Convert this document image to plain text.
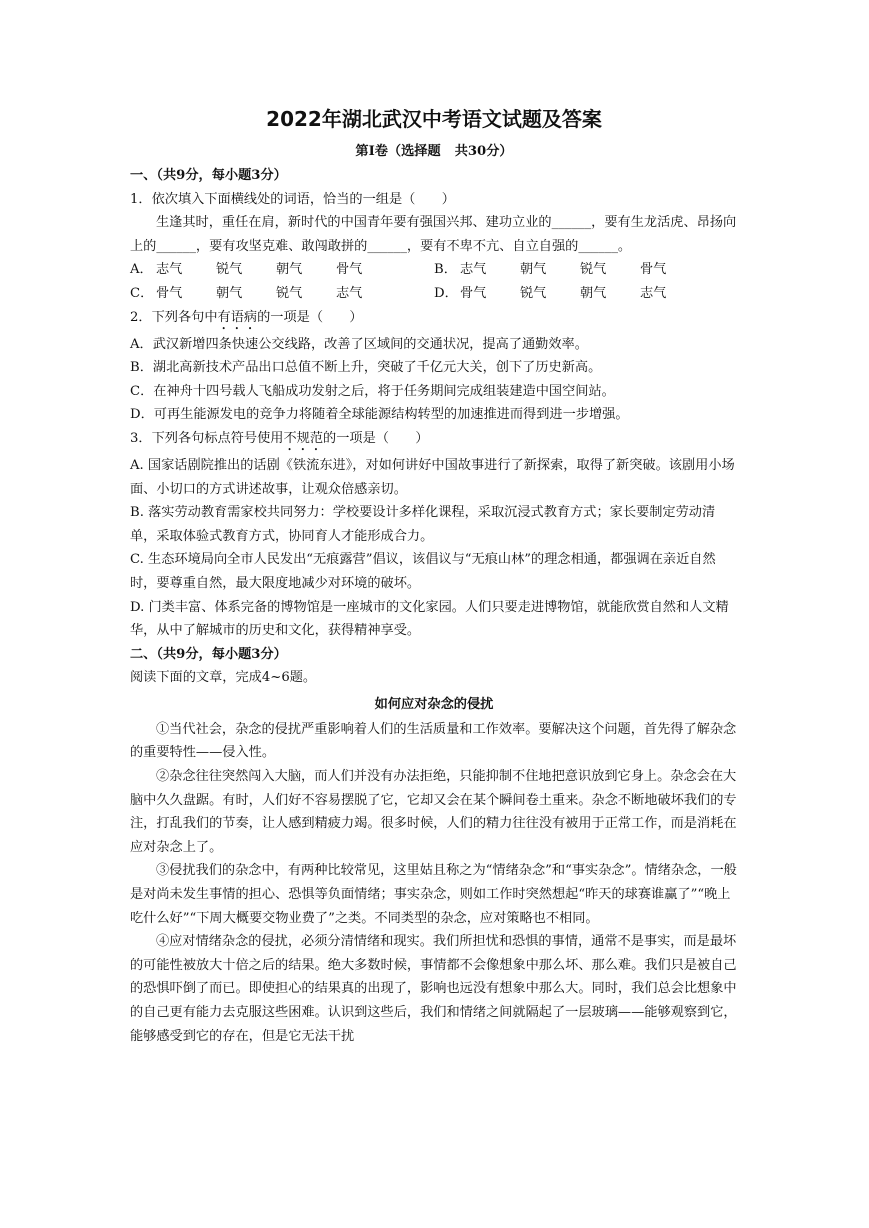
2022年湖北武汉中考语文试题及答案
第Ⅰ卷（选择题 共30分）
一、（共9分，每小题3分）
1．依次填入下面横线处的词语，恰当的一组是（　　）
生逢其时，重任在肩，新时代的中国青年要有强国兴邦、建功立业的______，要有生龙活虎、昂扬向上的______，要有攻坚克难、敢闯敢拼的______，要有不卑不亢、自立自强的______。
A． 志气	锐气	朝气	骨气	B． 志气	朝气	锐气	骨气
C． 骨气	朝气	锐气	志气	D． 骨气	锐气	朝气	志气
2．下列各句中有语病的一项是（　　）
A．武汉新增四条快速公交线路，改善了区域间的交通状况，提高了通勤效率。
B．湖北高新技术产品出口总值不断上升，突破了千亿元大关，创下了历史新高。
C．在神舟十四号载人飞船成功发射之后，将于任务期间完成组装建造中国空间站。
D．可再生能源发电的竞争力将随着全球能源结构转型的加速推进而得到进一步增强。
3．下列各句标点符号使用不规范的一项是（　　）
A. 国家话剧院推出的话剧《铁流东进》，对如何讲好中国故事进行了新探索，取得了新突破。该剧用小场面、小切口的方式讲述故事，让观众倍感亲切。
B. 落实劳动教育需家校共同努力：学校要设计多样化课程，采取沉浸式教育方式；家长要制定劳动清单，采取体验式教育方式，协同育人才能形成合力。
C. 生态环境局向全市人民发出“无痕露营”倡议，该倡议与“无痕山林”的理念相通，都强调在亲近自然时，要尊重自然，最大限度地减少对环境的破坏。
D. 门类丰富、体系完备的博物馆是一座城市的文化家园。人们只要走进博物馆，就能欣赏自然和人文精华，从中了解城市的历史和文化，获得精神享受。
二、（共9分，每小题3分）
阅读下面的文章，完成4~6题。
如何应对杂念的侵扰
①当代社会，杂念的侵扰严重影响着人们的生活质量和工作效率。要解决这个问题，首先得了解杂念的重要特性——侵入性。
②杂念往往突然闯入大脑，而人们并没有办法拒绝，只能抑制不住地把意识放到它身上。杂念会在大脑中久久盘踞。有时，人们好不容易摆脱了它，它却又会在某个瞬间卷土重来。杂念不断地破坏我们的专注，打乱我们的节奏，让人感到精疲力竭。很多时候，人们的精力往往没有被用于正常工作，而是消耗在应对杂念上了。
③侵扰我们的杂念中，有两种比较常见，这里姑且称之为“情绪杂念”和“事实杂念”。情绪杂念，一般是对尚未发生事情的担心、恐惧等负面情绪；事实杂念，则如工作时突然想起“昨天的球赛谁赢了”“晚上吃什么好”“下周大概要交物业费了”之类。不同类型的杂念，应对策略也不相同。
④应对情绪杂念的侵扰，必须分清情绪和现实。我们所担忧和恐惧的事情，通常不是事实，而是最坏的可能性被放大十倍之后的结果。绝大多数时候，事情都不会像想象中那么坏、那么难。我们只是被自己的恐惧吓倒了而已。即使担心的结果真的出现了，影响也远没有想象中那么大。同时，我们总会比想象中的自己更有能力去克服这些困难。认识到这些后，我们和情绪之间就隔起了一层玻璃——能够观察到它，能够感受到它的存在，但是它无法干扰
